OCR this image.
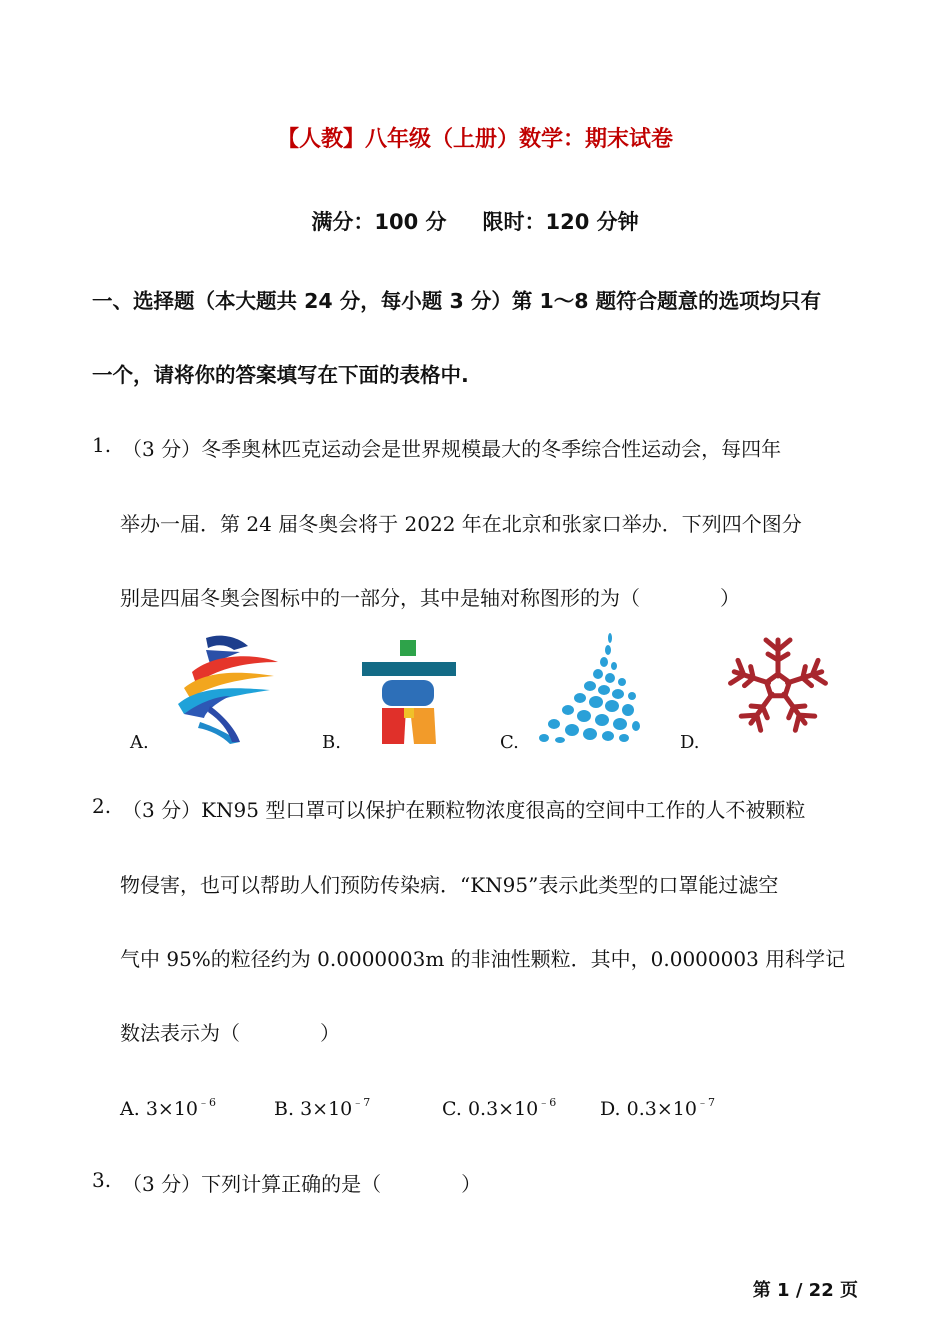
【人教】八年级（上册）数学：期末试卷
满分：100 分 限时：120 分钟
一、选择题（本大题共 24 分，每小题 3 分）第 1～8 题符合题意的选项均只有
一个，请将你的答案填写在下面的表格中.
1. （3 分）冬季奥林匹克运动会是世界规模最大的冬季综合性运动会，每四年
举办一届．第 24 届冬奥会将于 2022 年在北京和张家口举办．下列四个图分
别是四届冬奥会图标中的一部分，其中是轴对称图形的为（　　　　）
A.	B.	C.	D.
2. （3 分）KN95 型口罩可以保护在颗粒物浓度很高的空间中工作的人不被颗粒
物侵害，也可以帮助人们预防传染病．“KN95”表示此类型的口罩能过滤空
气中 95%的粒径约为 0.0000003m 的非油性颗粒．其中，0.0000003 用科学记
数法表示为（　　　　）
A. $3\times 10^{﹣6}$	B. $3\times 10^{﹣7}$	C. $0.3\times 10^{﹣6}$ D. $0.3\times 10^{﹣7}$
3. （3 分）下列计算正确的是（　　　　）
第 1 / 22 页
